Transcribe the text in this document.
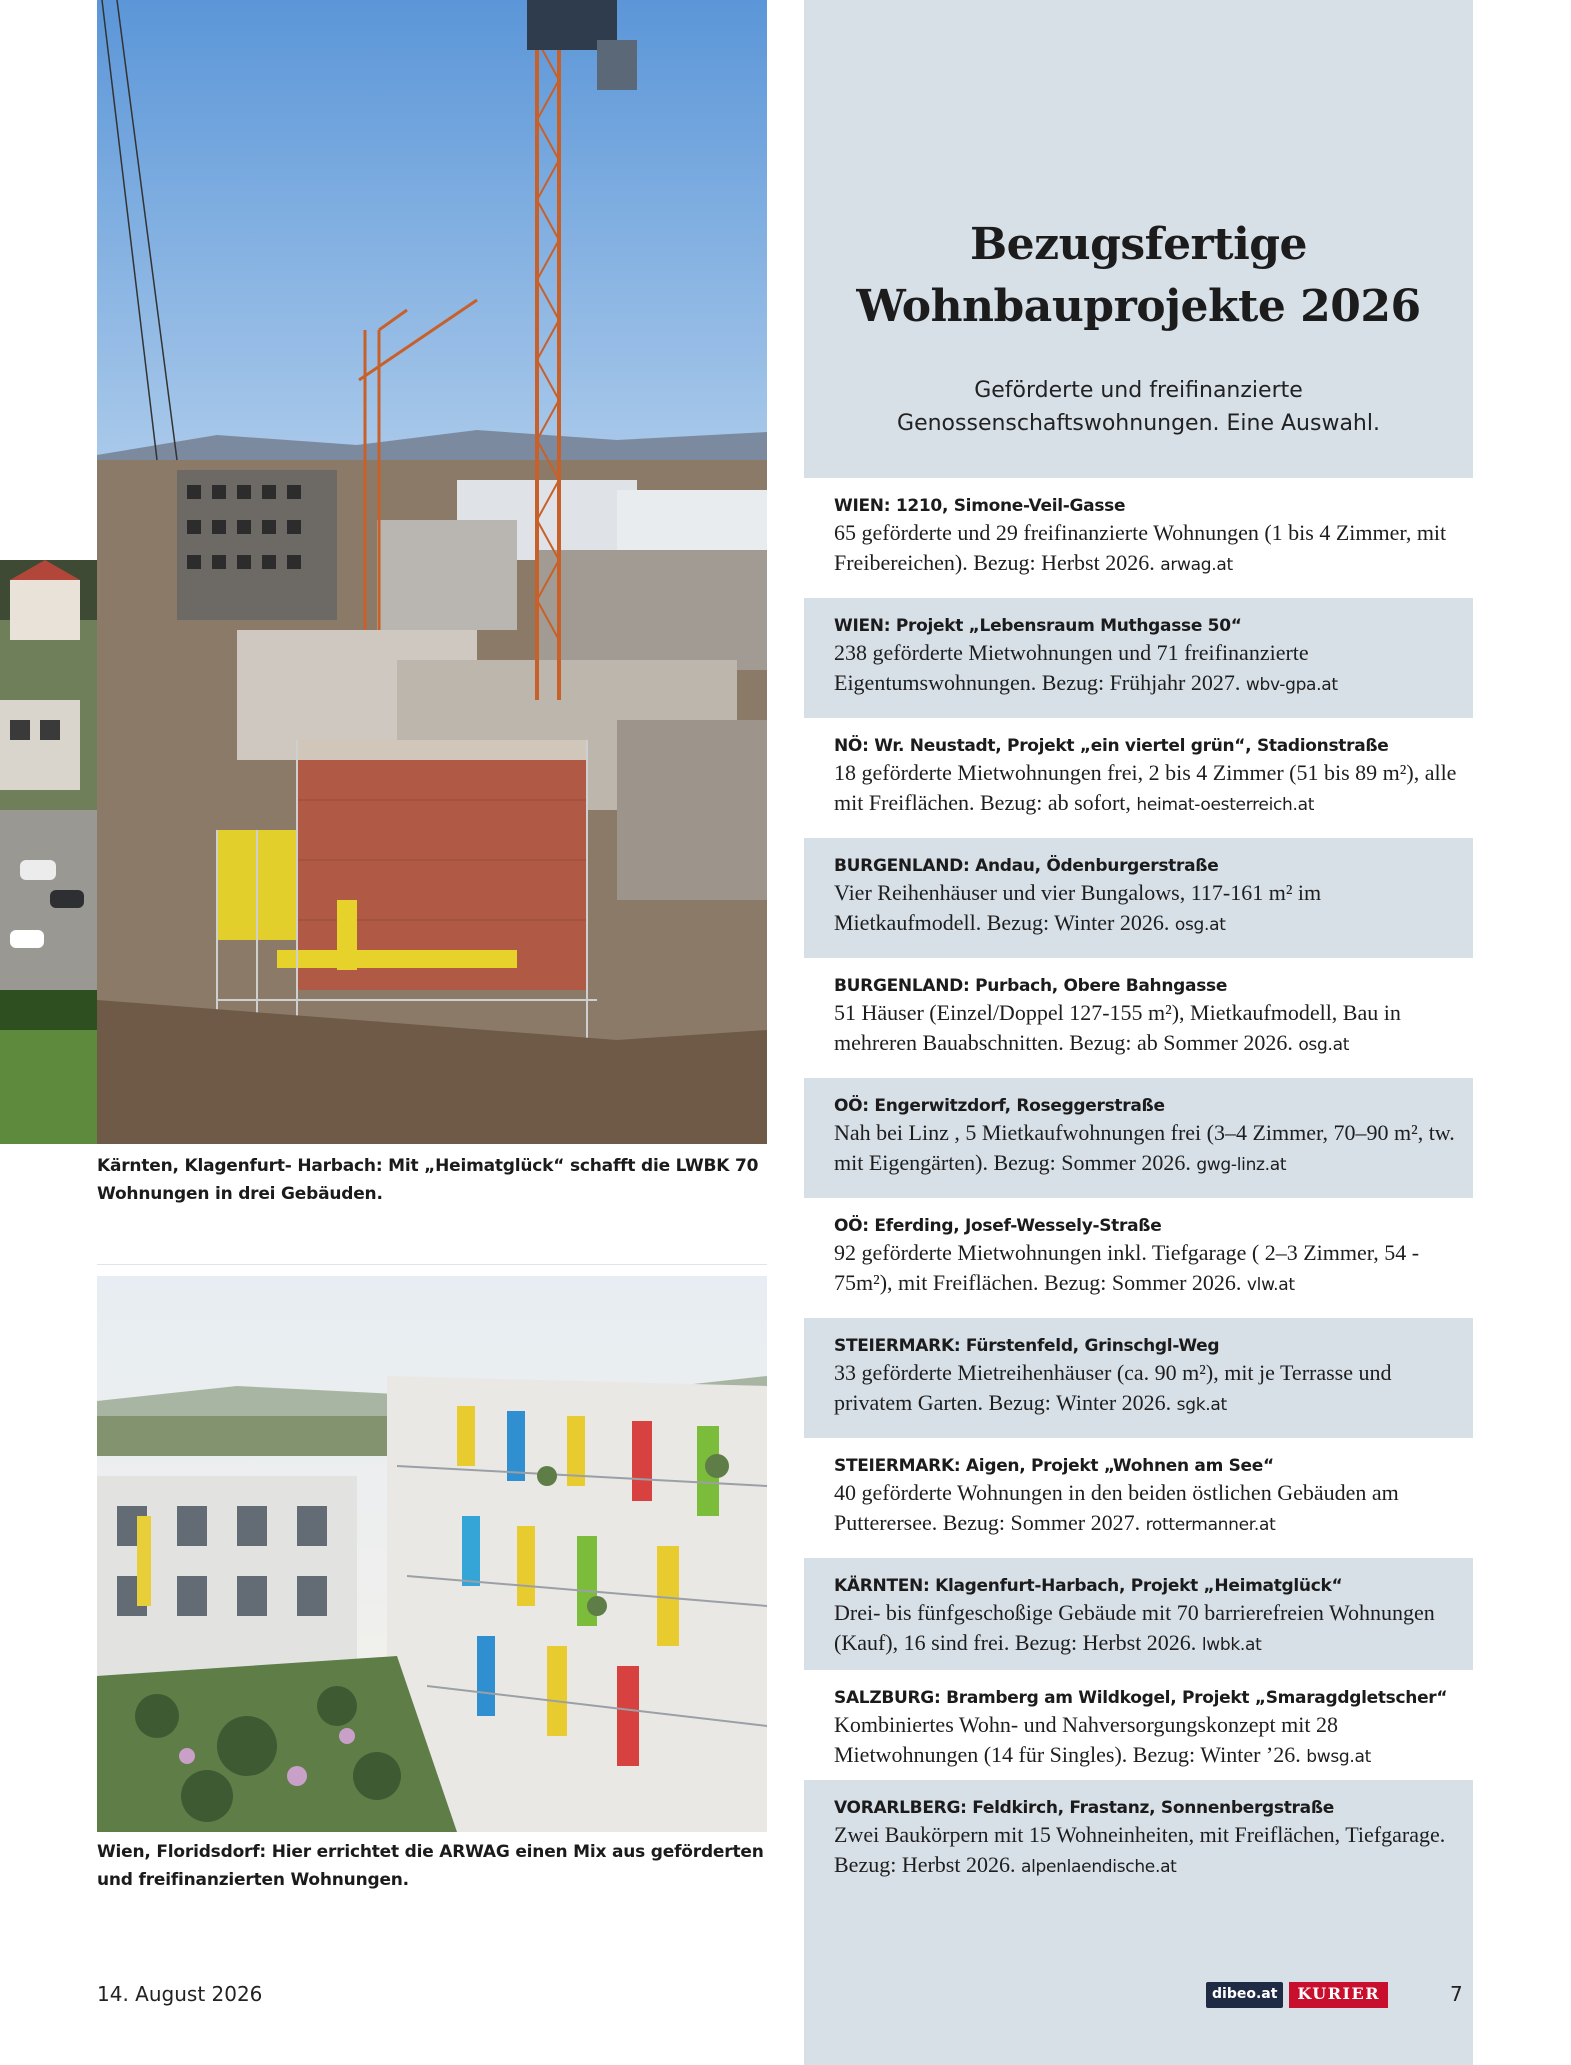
Kärnten, Klagenfurt- Harbach: Mit „Heimatglück“ schafft die LWBK 70 Wohnungen in drei Gebäuden.
Wien, Floridsdorf: Hier errichtet die ARWAG einen Mix aus geförderten und freifinanzierten Wohnungen.
Bezugsfertige
Wohnbauprojekte 2026
Geförderte und freifinanzierte
Genossenschaftswohnungen. Eine Auswahl.
WIEN: 1210, Simone-Veil-Gasse
65 geförderte und 29 freifinanzierte Wohnungen (1 bis 4 Zimmer, mit Freibereichen). Bezug: Herbst 2026. arwag.at
WIEN: Projekt „Lebensraum Muthgasse 50“
238 geförderte Mietwohnungen und 71 freifinanzierte Eigentumswohnungen. Bezug: Frühjahr 2027. wbv-gpa.at
NÖ: Wr. Neustadt, Projekt „ein viertel grün“, Stadionstraße
18 geförderte Mietwohnungen frei, 2 bis 4 Zimmer (51 bis 89 m²), alle mit Freiflächen. Bezug: ab sofort, heimat-oesterreich.at
BURGENLAND: Andau, Ödenburgerstraße
Vier Reihenhäuser und vier Bungalows, 117-161 m² im Mietkaufmodell. Bezug: Winter 2026. osg.at
BURGENLAND: Purbach, Obere Bahngasse
51 Häuser (Einzel/Doppel 127-155 m²), Mietkaufmodell, Bau in mehreren Bauabschnitten. Bezug: ab Sommer 2026. osg.at
OÖ: Engerwitzdorf, Roseggerstraße
Nah bei Linz , 5 Mietkaufwohnungen frei (3–4 Zimmer, 70–90 m², tw. mit Eigengärten). Bezug: Sommer 2026. gwg-linz.at
OÖ: Eferding, Josef-Wessely-Straße
92 geförderte Mietwohnungen inkl. Tiefgarage ( 2–3 Zimmer, 54 - 75m²), mit Freiflächen. Bezug: Sommer 2026. vlw.at
STEIERMARK: Fürstenfeld, Grinschgl-Weg
33 geförderte Mietreihenhäuser (ca. 90 m²), mit je Terrasse und privatem Garten. Bezug: Winter 2026. sgk.at
STEIERMARK: Aigen, Projekt „Wohnen am See“
40 geförderte Wohnungen in den beiden östlichen Gebäuden am Putterersee. Bezug: Sommer 2027. rottermanner.at
KÄRNTEN: Klagenfurt-Harbach, Projekt „Heimatglück“
Drei- bis fünfgeschoßige Gebäude mit 70 barrierefreien Wohnungen (Kauf), 16 sind frei. Bezug: Herbst 2026. lwbk.at
SALZBURG: Bramberg am Wildkogel, Projekt „Smaragdgletscher“
Kombiniertes Wohn- und Nahversorgungskonzept mit 28 Mietwohnungen (14 für Singles). Bezug: Winter ’26. bwsg.at
VORARLBERG: Feldkirch, Frastanz, Sonnenbergstraße
Zwei Baukörpern mit 15 Wohneinheiten, mit Freiflächen, Tiefgarage. Bezug: Herbst 2026. alpenlaendische.at
14. August 2026	dibeo.at	KURIER	7
